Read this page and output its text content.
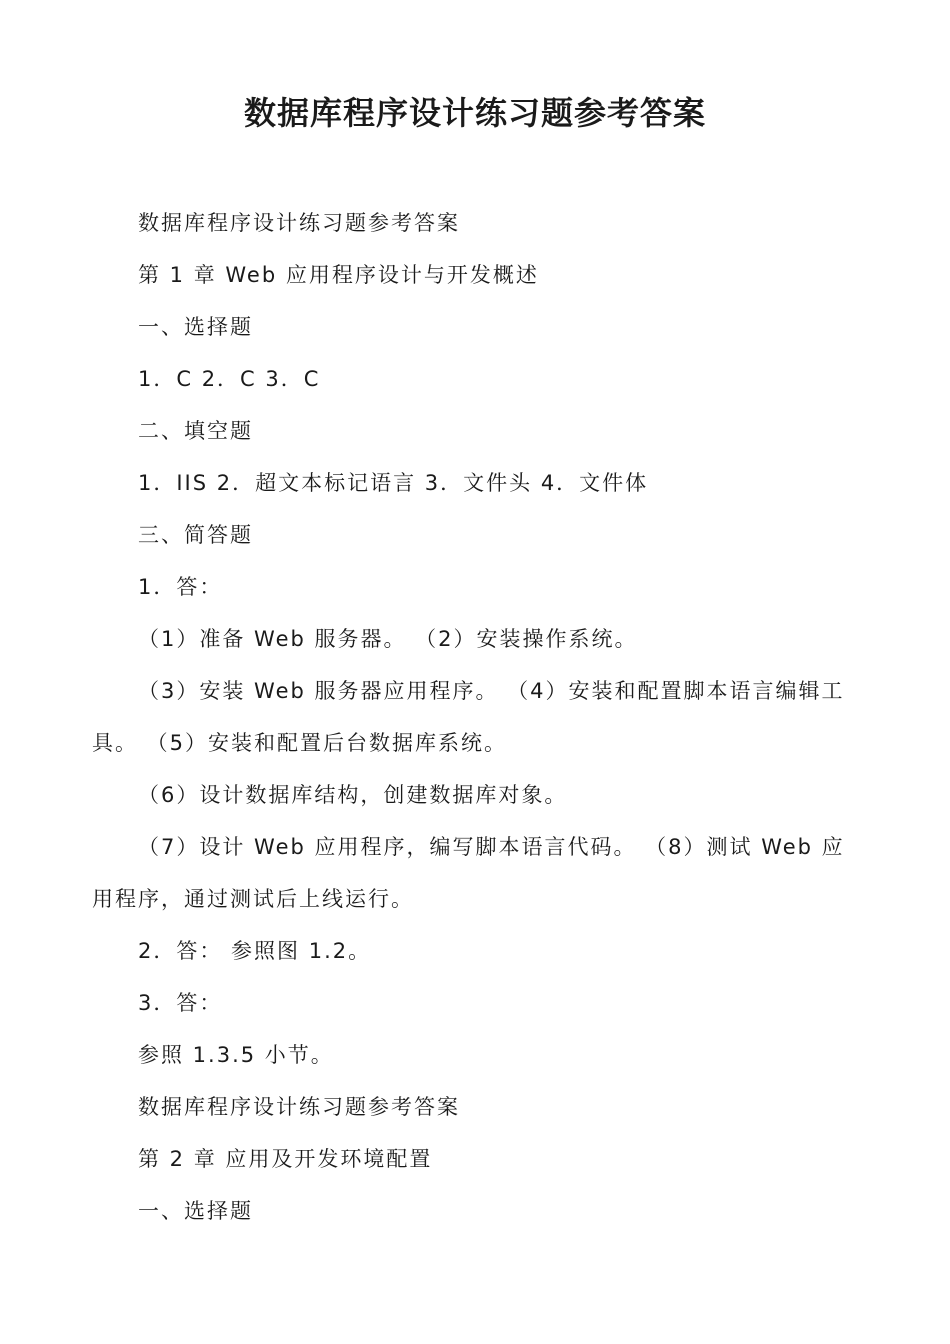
数据库程序设计练习题参考答案

数据库程序设计练习题参考答案

第 1 章 Web 应用程序设计与开发概述

一、选择题

1．C 2．C 3．C

二、填空题

1．IIS 2．超文本标记语言 3．文件头 4．文件体

三、简答题

1．答：

（1）准备 Web 服务器。 （2）安装操作系统。

（3）安装 Web 服务器应用程序。 （4）安装和配置脚本语言编辑工具。 （5）安装和配置后台数据库系统。

（6）设计数据库结构，创建数据库对象。

（7）设计 Web 应用程序，编写脚本语言代码。 （8）测试 Web 应用程序，通过测试后上线运行。

2．答： 参照图 1.2。

3．答：

参照 1.3.5 小节。

数据库程序设计练习题参考答案

第 2 章 应用及开发环境配置

一、选择题
